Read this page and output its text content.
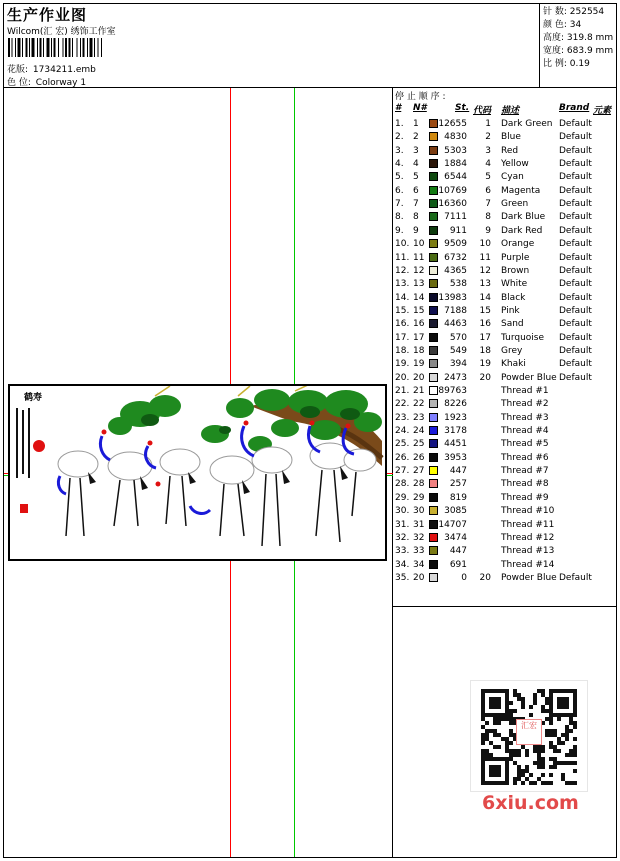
生产作业图
Wilcom(汇 宏) 绣饰工作室
花版: 1734211.emb
色 位: Colorway 1
针 数: 252554
颜 色: 34
高度: 319.8 mm
宽度: 683.9 mm
比 例: 0.19
鹤寿
停 止 顺 序 :
# N#	St. 代码 描述	Brand 元素
1. 1 12655 1 Dark Green Default
2. 2	4830 2 Blue	Default
3. 3	5303 3 Red	Default
4. 4	1884 4 Yellow	Default
5. 5	6544 5 Cyan	Default
6. 6 10769 6 Magenta Default
7. 7 16360 7 Green	Default
8. 8	7111 8 Dark Blue Default
9. 9	911 9 Dark Red Default
10. 10 9509 10 Orange	Default
11. 11 6732 11 Purple	Default
12. 12 4365 12 Brown	Default
13. 13	538 13 White	Default
14. 14 13983 14 Black	Default
15. 15 7188 15 Pink	Default
16. 16 4463 16 Sand	Default
17. 17	570 17 Turquoise Default
18. 18	549 18 Grey	Default
19. 19	394 19 Khaki	Default
20. 20 2473 20 Powder Blue Default
21. 21 89763	Thread #1
22. 22 8226	Thread #2
23. 23 1923	Thread #3
24. 24 3178	Thread #4
25. 25 4451	Thread #5
26. 26 3953	Thread #6
27. 27	447	Thread #7
28. 28	257	Thread #8
29. 29	819	Thread #9
30. 30 3085	Thread #10
31. 31 14707	Thread #11
32. 32 3474	Thread #12
33. 33	447	Thread #13
34. 34	691	Thread #14
35. 20	0 20 Powder Blue Default
汇宏
6xiu.com
